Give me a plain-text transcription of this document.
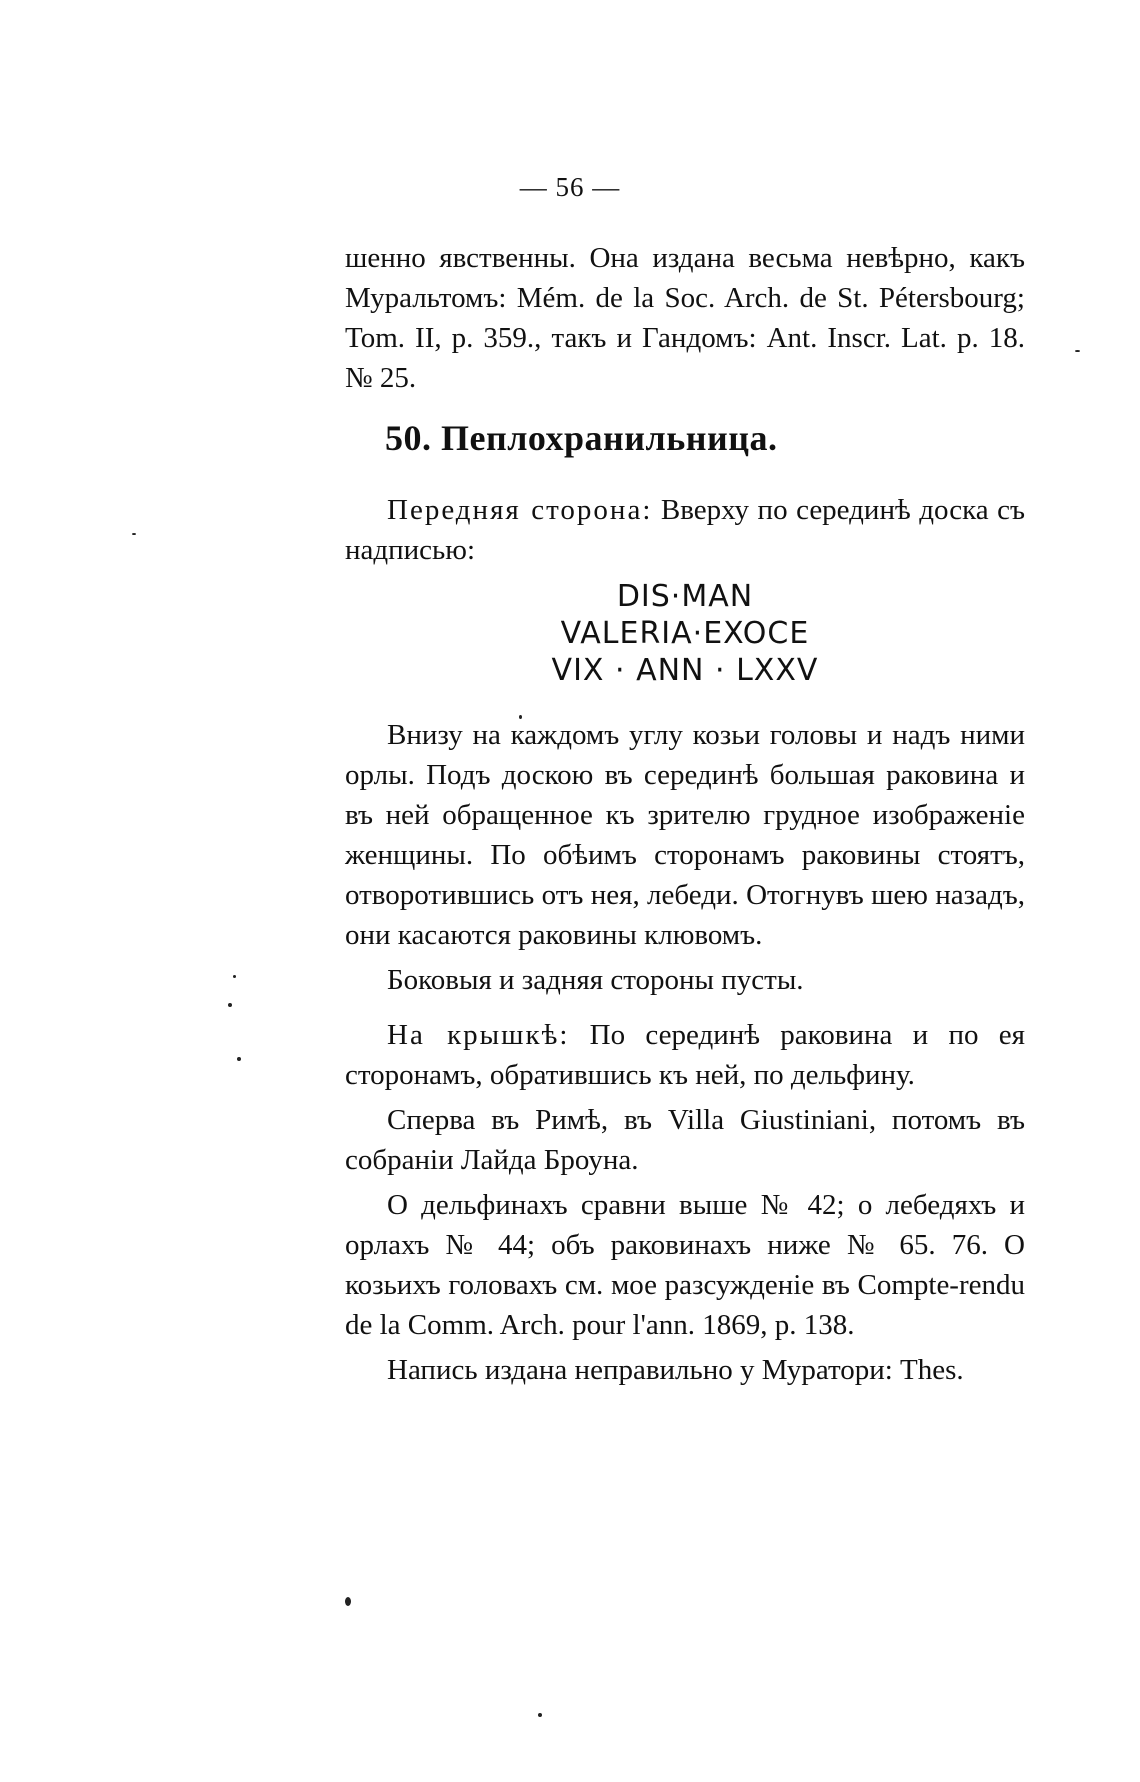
— 56 —
шенно явственны. Она издана весьма невѣрно, какъ Муральтомъ: Mém. de la Soc. Arch. de St. Pétersbourg; Tom. II, p. 359., такъ и Гандомъ: Ant. Inscr. Lat. p. 18. № 25.
50. Пеплохранильница.
Передняя сторона: Вверху по серединѣ доска съ надписью:
DIS·MAN
VALERIA·EXOCE
VIX · ANN · LXXV
Внизу на каждомъ углу козьи головы и надъ ними орлы. Подъ доскою въ серединѣ большая раковина и въ ней обращенное къ зрителю грудное изображеніе женщины. По обѣимъ сторонамъ раковины стоятъ, отворотившись отъ нея, лебеди. Отогнувъ шею назадъ, они касаются раковины клювомъ.
Боковыя и задняя стороны пусты.
На крышкѣ: По серединѣ раковина и по ея сторонамъ, обратившись къ ней, по дельфину.
Сперва въ Римѣ, въ Villa Giustiniani, потомъ въ собраніи Лайда Броуна.
О дельфинахъ сравни выше № 42; о лебедяхъ и орлахъ № 44; объ раковинахъ ниже № 65. 76. О козьихъ головахъ см. мое разсужденіе въ Compte-rendu de la Comm. Arch. pour l'ann. 1869, p. 138.
Напись издана неправильно у Муратори: Thes.
